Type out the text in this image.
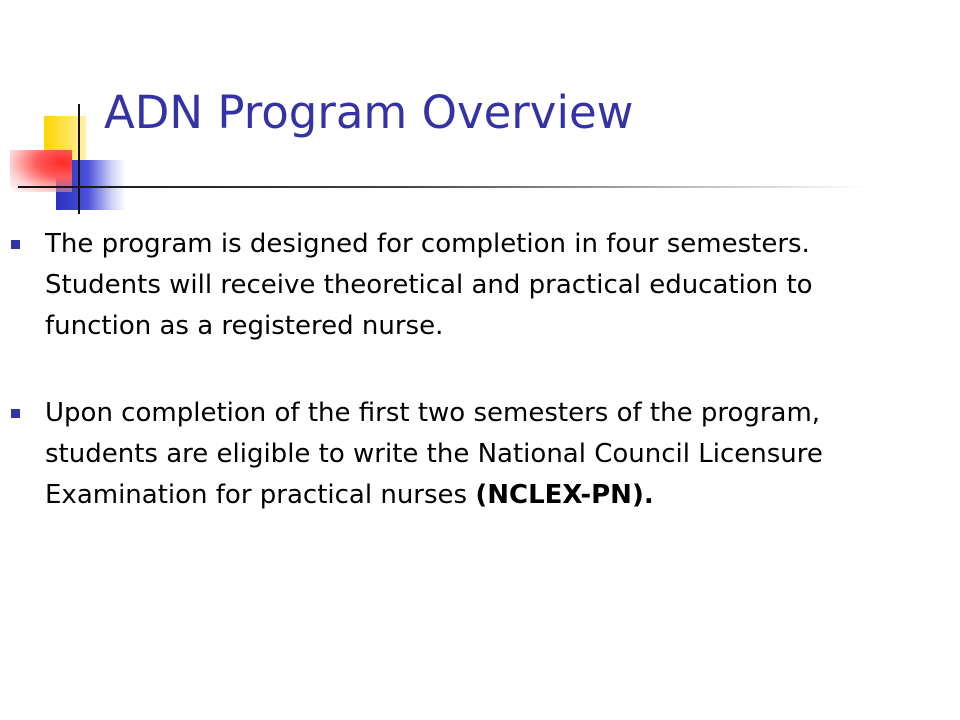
ADN Program Overview
The program is designed for completion in four semesters. Students will receive theoretical and practical education to function as a registered nurse.
Upon completion of the first two semesters of the program, students are eligible to write the National Council Licensure Examination for practical nurses (NCLEX-PN).
